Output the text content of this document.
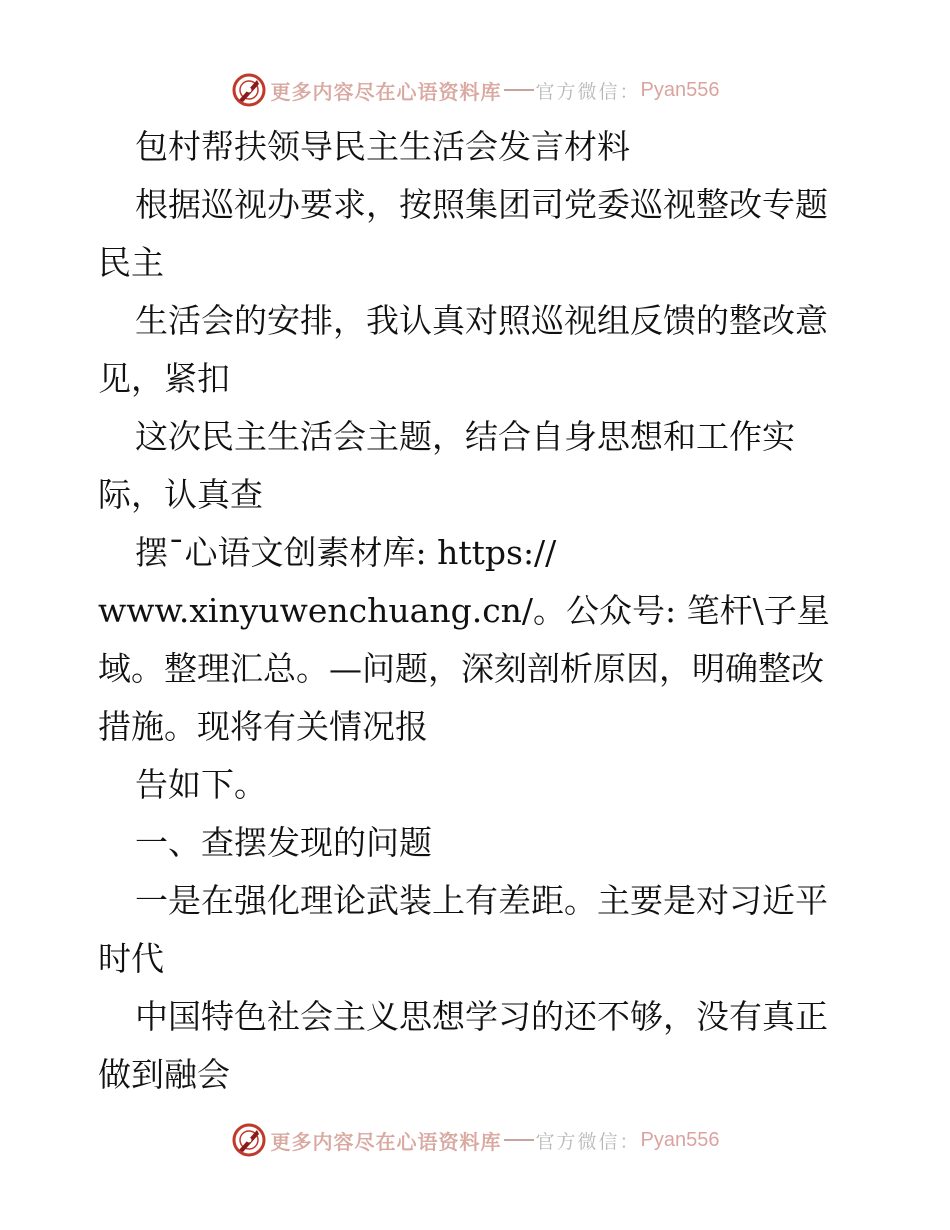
更多内容尽在心语资料库 官方微信： Pyan556

包村帮扶领导民主生活会发言材料

根据巡视办要求，按照集团司党委巡视整改专题

民主

生活会的安排，我认真对照巡视组反馈的整改意

见，紧扣

这次民主生活会主题，结合自身思想和工作实

际，认真查

摆¯心语文创素材库: https://

www.xinyuwenchuang.cn/。公众号: 笔杆\子星

域。整理汇总。—问题，深刻剖析原因，明确整改

措施。现将有关情况报

告如下。

一、查摆发现的问题

一是在强化理论武装上有差距。主要是对习近平

时代

中国特色社会主义思想学习的还不够，没有真正

做到融会

更多内容尽在心语资料库 官方微信： Pyan556
